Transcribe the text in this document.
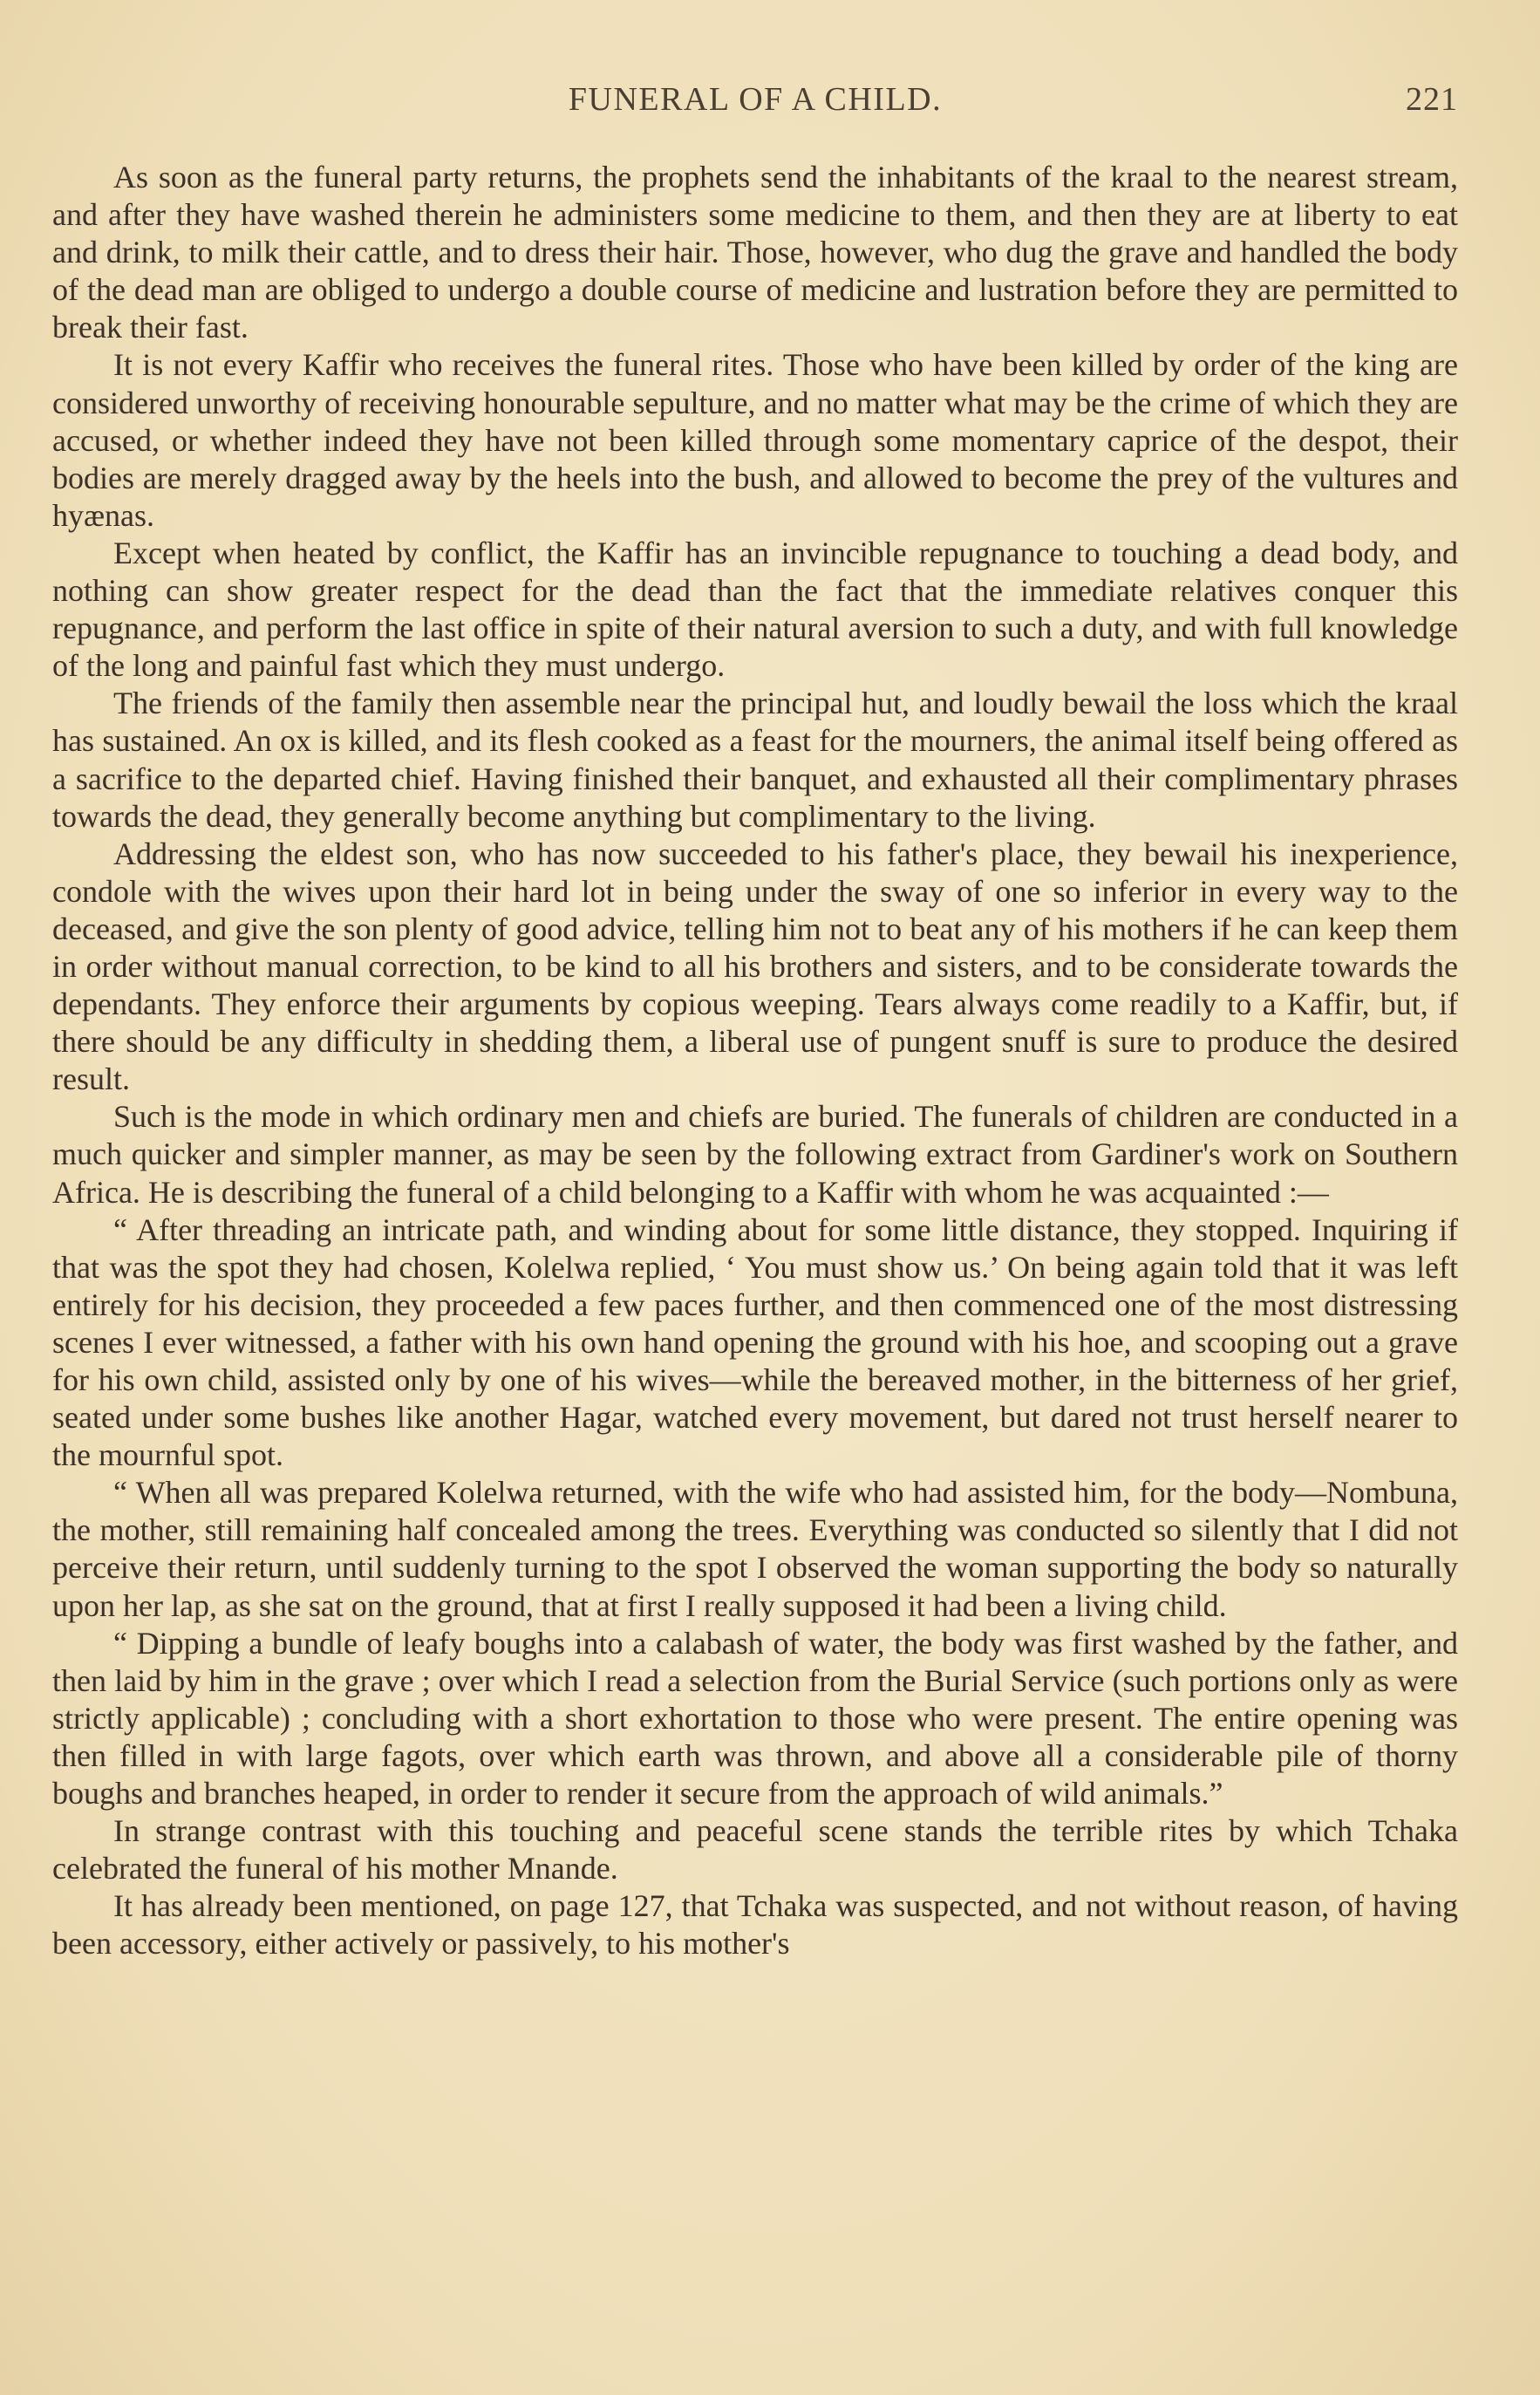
FUNERAL OF A CHILD.	221

As soon as the funeral party returns, the prophets send the inhabitants of the kraal to the nearest stream, and after they have washed therein he administers some medicine to them, and then they are at liberty to eat and drink, to milk their cattle, and to dress their hair. Those, however, who dug the grave and handled the body of the dead man are obliged to undergo a double course of medicine and lustration before they are permitted to break their fast.

It is not every Kaffir who receives the funeral rites. Those who have been killed by order of the king are considered unworthy of receiving honourable sepulture, and no matter what may be the crime of which they are accused, or whether indeed they have not been killed through some momentary caprice of the despot, their bodies are merely dragged away by the heels into the bush, and allowed to become the prey of the vultures and hyænas.

Except when heated by conflict, the Kaffir has an invincible repugnance to touching a dead body, and nothing can show greater respect for the dead than the fact that the immediate relatives conquer this repugnance, and perform the last office in spite of their natural aversion to such a duty, and with full knowledge of the long and painful fast which they must undergo.

The friends of the family then assemble near the principal hut, and loudly bewail the loss which the kraal has sustained. An ox is killed, and its flesh cooked as a feast for the mourners, the animal itself being offered as a sacrifice to the departed chief. Having finished their banquet, and exhausted all their complimentary phrases towards the dead, they generally become anything but complimentary to the living.

Addressing the eldest son, who has now succeeded to his father's place, they bewail his inexperience, condole with the wives upon their hard lot in being under the sway of one so inferior in every way to the deceased, and give the son plenty of good advice, telling him not to beat any of his mothers if he can keep them in order without manual correction, to be kind to all his brothers and sisters, and to be considerate towards the dependants. They enforce their arguments by copious weeping. Tears always come readily to a Kaffir, but, if there should be any difficulty in shedding them, a liberal use of pungent snuff is sure to produce the desired result.

Such is the mode in which ordinary men and chiefs are buried. The funerals of children are conducted in a much quicker and simpler manner, as may be seen by the following extract from Gardiner's work on Southern Africa. He is describing the funeral of a child belonging to a Kaffir with whom he was acquainted :—

“ After threading an intricate path, and winding about for some little distance, they stopped. Inquiring if that was the spot they had chosen, Kolelwa replied, ‘ You must show us.’ On being again told that it was left entirely for his decision, they proceeded a few paces further, and then commenced one of the most distressing scenes I ever witnessed, a father with his own hand opening the ground with his hoe, and scooping out a grave for his own child, assisted only by one of his wives—while the bereaved mother, in the bitterness of her grief, seated under some bushes like another Hagar, watched every movement, but dared not trust herself nearer to the mournful spot.

“ When all was prepared Kolelwa returned, with the wife who had assisted him, for the body—Nombuna, the mother, still remaining half concealed among the trees. Everything was conducted so silently that I did not perceive their return, until suddenly turning to the spot I observed the woman supporting the body so naturally upon her lap, as she sat on the ground, that at first I really supposed it had been a living child.

“ Dipping a bundle of leafy boughs into a calabash of water, the body was first washed by the father, and then laid by him in the grave ; over which I read a selection from the Burial Service (such portions only as were strictly applicable) ; concluding with a short exhortation to those who were present. The entire opening was then filled in with large fagots, over which earth was thrown, and above all a considerable pile of thorny boughs and branches heaped, in order to render it secure from the approach of wild animals.”

In strange contrast with this touching and peaceful scene stands the terrible rites by which Tchaka celebrated the funeral of his mother Mnande.

It has already been mentioned, on page 127, that Tchaka was suspected, and not without reason, of having been accessory, either actively or passively, to his mother's
